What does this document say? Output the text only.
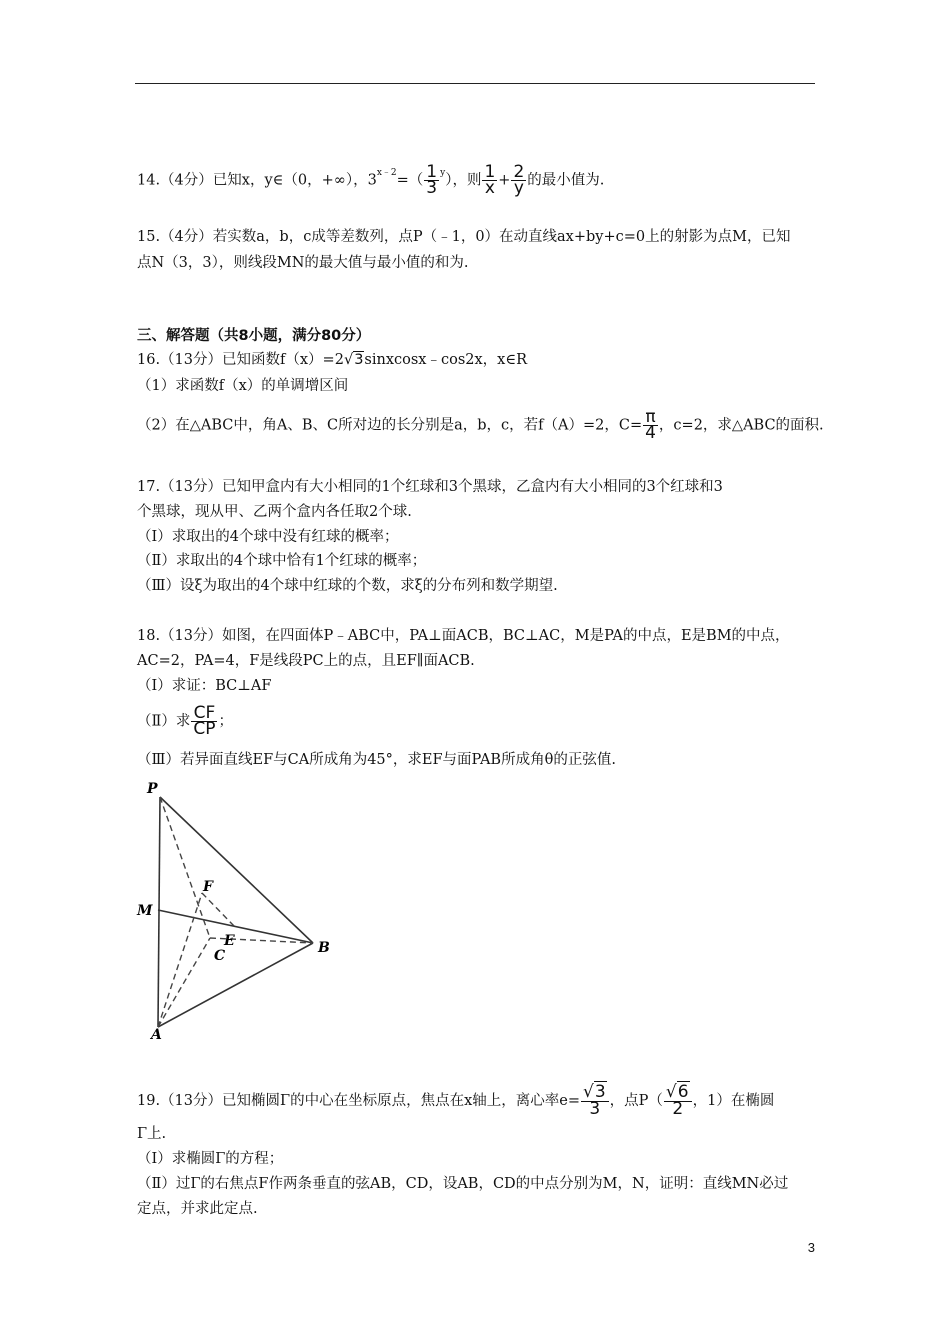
14.（4分）已知x，y∈（0，+∞），$3^{x﹣2}=( \frac{1}{3} ^y)$，则 $\frac{1}{x} + \frac{2}{y}$ 的最小值为.
15.（4分）若实数a，b，c成等差数列，点P（﹣1，0）在动直线ax+by+c=0上的射影为点M，已知
点N（3，3），则线段MN的最大值与最小值的和为.
三、解答题（共8小题，满分80分）
16.（13分）已知函数f（x）=2√3sinxcosx﹣cos2x，x∈R
（1）求函数f（x）的单调增区间
（2）在△ABC中，角A、B、C所对边的长分别是a，b，c，若f（A）=2，$C= \frac{\pi}{4}$ ，c=2，求△ABC的面积.
17.（13分）已知甲盒内有大小相同的1个红球和3个黑球，乙盒内有大小相同的3个红球和3
个黑球，现从甲、乙两个盒内各任取2个球.
（Ⅰ）求取出的4个球中没有红球的概率；
（Ⅱ）求取出的4个球中恰有1个红球的概率；
（Ⅲ）设ξ为取出的4个球中红球的个数，求ξ的分布列和数学期望.
18.（13分）如图，在四面体P﹣ABC中，PA⊥面ACB，BC⊥AC，M是PA的中点，E是BM的中点，
AC=2，PA=4，F是线段PC上的点，且EF∥面ACB.
（Ⅰ）求证：BC⊥AF
（Ⅱ）求 $\frac{CF}{CP}$ ；
（Ⅲ）若异面直线EF与CA所成角为45°，求EF与面PAB所成角θ的正弦值.
P
F
M
E
C	B
A
19.（13分）已知椭圆Γ的中心在坐标原点，焦点在x轴上，离心率$e= \frac{√3}{3}$ ，点$P( \frac{√6}{2}$ ，1）在椭圆
Γ上.
（Ⅰ）求椭圆Γ的方程；
（Ⅱ）过Γ的右焦点F作两条垂直的弦AB，CD，设AB，CD的中点分别为M，N，证明：直线MN必过
定点，并求此定点.
3
